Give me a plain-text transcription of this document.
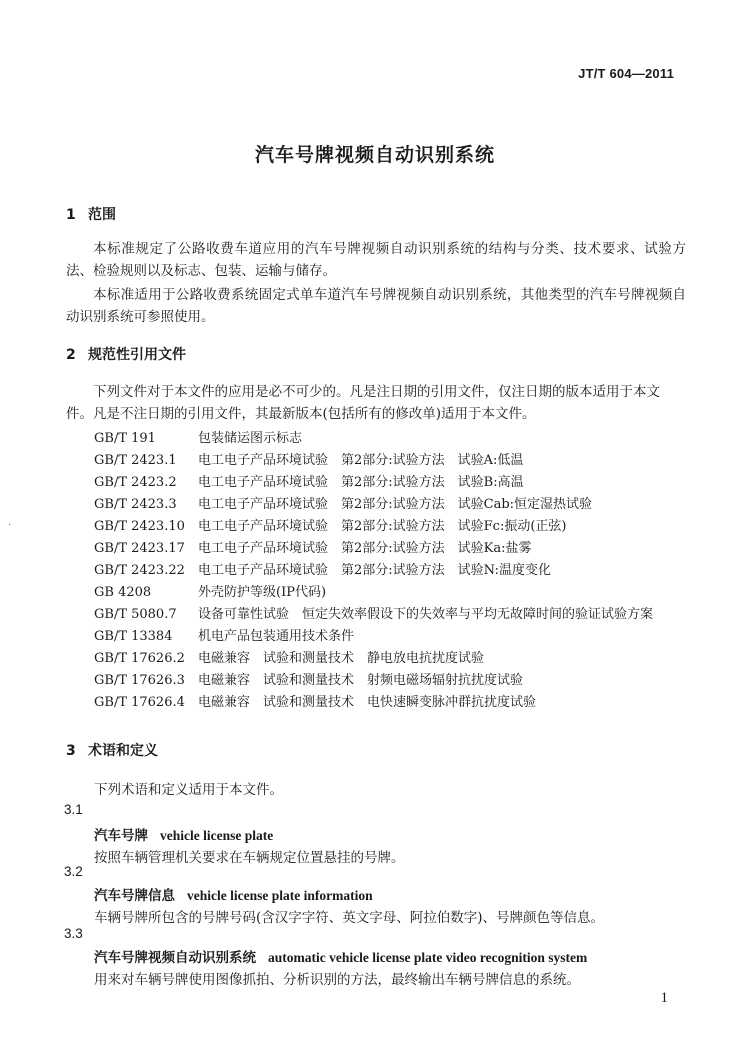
JT/T 604—2011
汽车号牌视频自动识别系统
1 范围

本标准规定了公路收费车道应用的汽车号牌视频自动识别系统的结构与分类、技术要求、试验方法、检验规则以及标志、包装、运输与储存。

本标准适用于公路收费系统固定式单车道汽车号牌视频自动识别系统，其他类型的汽车号牌视频自动识别系统可参照使用。

2 规范性引用文件

下列文件对于本文件的应用是必不可少的。凡是注日期的引用文件，仅注日期的版本适用于本文件。凡是不注日期的引用文件，其最新版本(包括所有的修改单)适用于本文件。

GB/T 191	包装储运图示标志
GB/T 2423.1	电工电子产品环境试验　第2部分:试验方法　试验A:低温
GB/T 2423.2	电工电子产品环境试验　第2部分:试验方法　试验B:高温
GB/T 2423.3	电工电子产品环境试验　第2部分:试验方法　试验Cab:恒定湿热试验
GB/T 2423.10	电工电子产品环境试验　第2部分:试验方法　试验Fc:振动(正弦)
GB/T 2423.17	电工电子产品环境试验　第2部分:试验方法　试验Ka:盐雾
GB/T 2423.22	电工电子产品环境试验　第2部分:试验方法　试验N:温度变化
GB 4208	外壳防护等级(IP代码)
GB/T 5080.7	设备可靠性试验　恒定失效率假设下的失效率与平均无故障时间的验证试验方案
GB/T 13384	机电产品包装通用技术条件
GB/T 17626.2	电磁兼容　试验和测量技术　静电放电抗扰度试验
GB/T 17626.3	电磁兼容　试验和测量技术　射频电磁场辐射抗扰度试验
GB/T 17626.4	电磁兼容　试验和测量技术　电快速瞬变脉冲群抗扰度试验
3 术语和定义
下列术语和定义适用于本文件。
3.1
汽车号牌 vehicle license plate
按照车辆管理机关要求在车辆规定位置悬挂的号牌。
3.2
汽车号牌信息 vehicle license plate information
车辆号牌所包含的号牌号码(含汉字字符、英文字母、阿拉伯数字)、号牌颜色等信息。
3.3
汽车号牌视频自动识别系统 automatic vehicle license plate video recognition system
用来对车辆号牌使用图像抓拍、分析识别的方法，最终输出车辆号牌信息的系统。
1
·
